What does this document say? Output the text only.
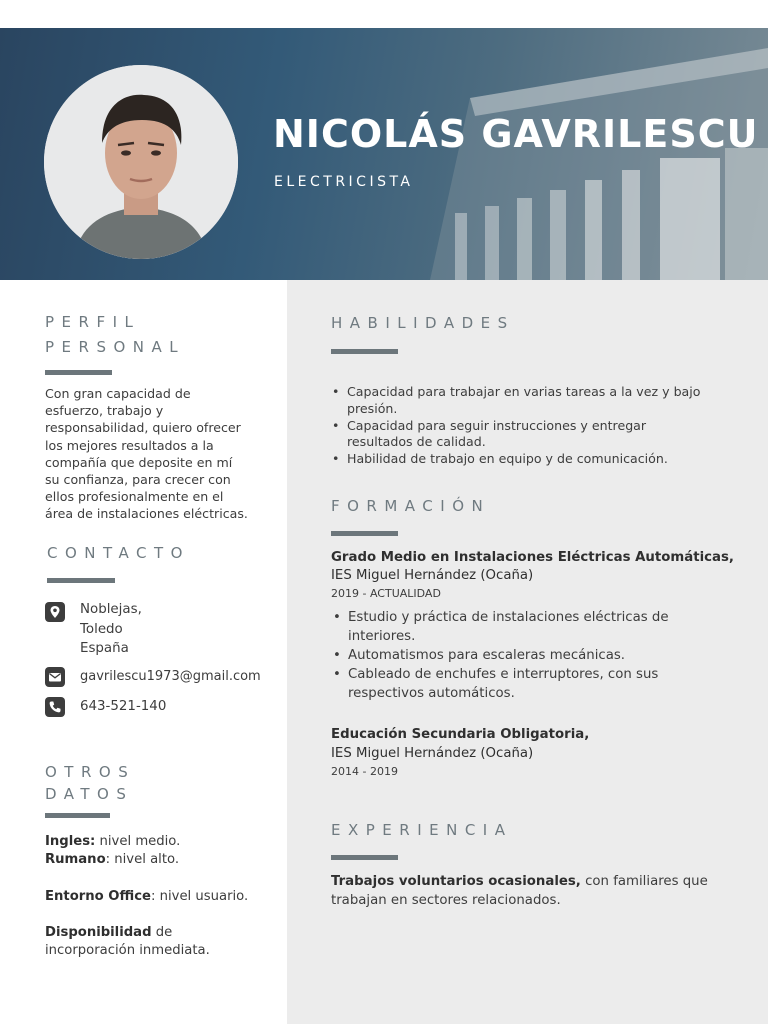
NICOLÁS GAVRILESCU
ELECTRICISTA
PERFIL
PERSONAL
Con gran capacidad de
esfuerzo, trabajo y
responsabilidad, quiero ofrecer
los mejores resultados a la
compañía que deposite en mí
su confianza, para crecer con
ellos profesionalmente en el
área de instalaciones eléctricas.
CONTACTO
Noblejas,
Toledo
España
gavrilescu1973@gmail.com
643-521-140
OTROS
DATOS
Ingles: nivel medio.
Rumano: nivel alto.
Entorno Office: nivel usuario.
Disponibilidad de
incorporación inmediata.
HABILIDADES
• Capacidad para trabajar en varias tareas a la vez y bajo
presión.
• Capacidad para seguir instrucciones y entregar
resultados de calidad.
• Habilidad de trabajo en equipo y de comunicación.
FORMACIÓN
Grado Medio en Instalaciones Eléctricas Automáticas,
IES Miguel Hernández (Ocaña)
2019 - ACTUALIDAD
• Estudio y práctica de instalaciones eléctricas de
interiores.
• Automatismos para escaleras mecánicas.
• Cableado de enchufes e interruptores, con sus
respectivos automáticos.
Educación Secundaria Obligatoria,
IES Miguel Hernández (Ocaña)
2014 - 2019
EXPERIENCIA
Trabajos voluntarios ocasionales, con familiares que
trabajan en sectores relacionados.
